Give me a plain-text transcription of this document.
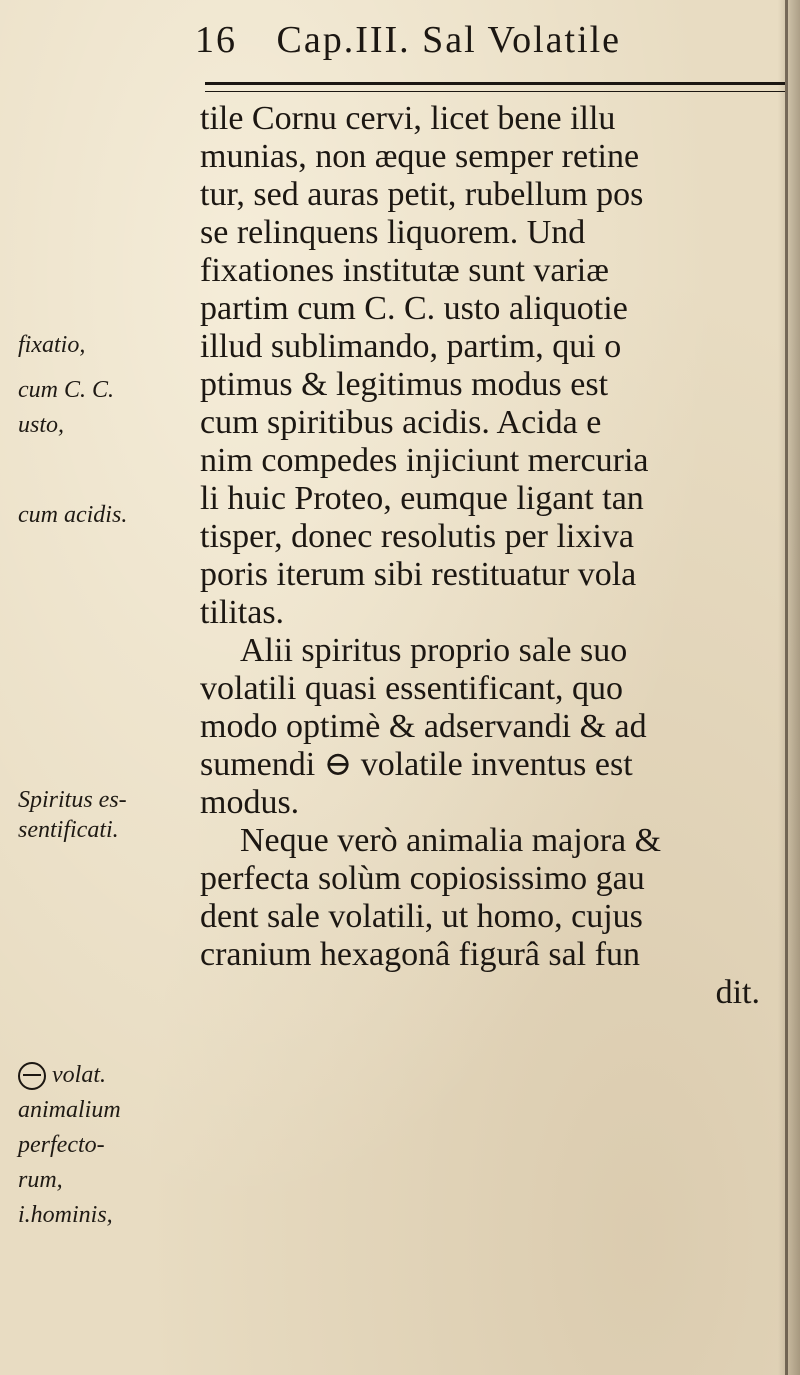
16 Cap.III. Sal Volatile
fixatio,
cum C. C.
usto,
cum acidis.
Spiritus es-
sentificati.
volat.
animalium
perfecto-
rum,
i.hominis,
tile Cornu cervi, licet bene illu
munias, non æque semper retine
tur, sed auras petit, rubellum pos
se relinquens liquorem. Und
fixationes institutæ sunt variæ
partim cum C. C. usto aliquotie
illud sublimando, partim, qui o
ptimus & legitimus modus est
cum spiritibus acidis. Acida e
nim compedes injiciunt mercuria
li huic Proteo, eumque ligant tan
tisper, donec resolutis per lixiva
poris iterum sibi restituatur vola
tilitas.
Alii spiritus proprio sale suo
volatili quasi essentificant, quo
modo optimè & adservandi & ad
sumendi ⊖ volatile inventus est
modus.
Neque verò animalia majora &
perfecta solùm copiosissimo gau
dent sale volatili, ut homo, cujus
cranium hexagonâ figurâ sal fun
dit.
